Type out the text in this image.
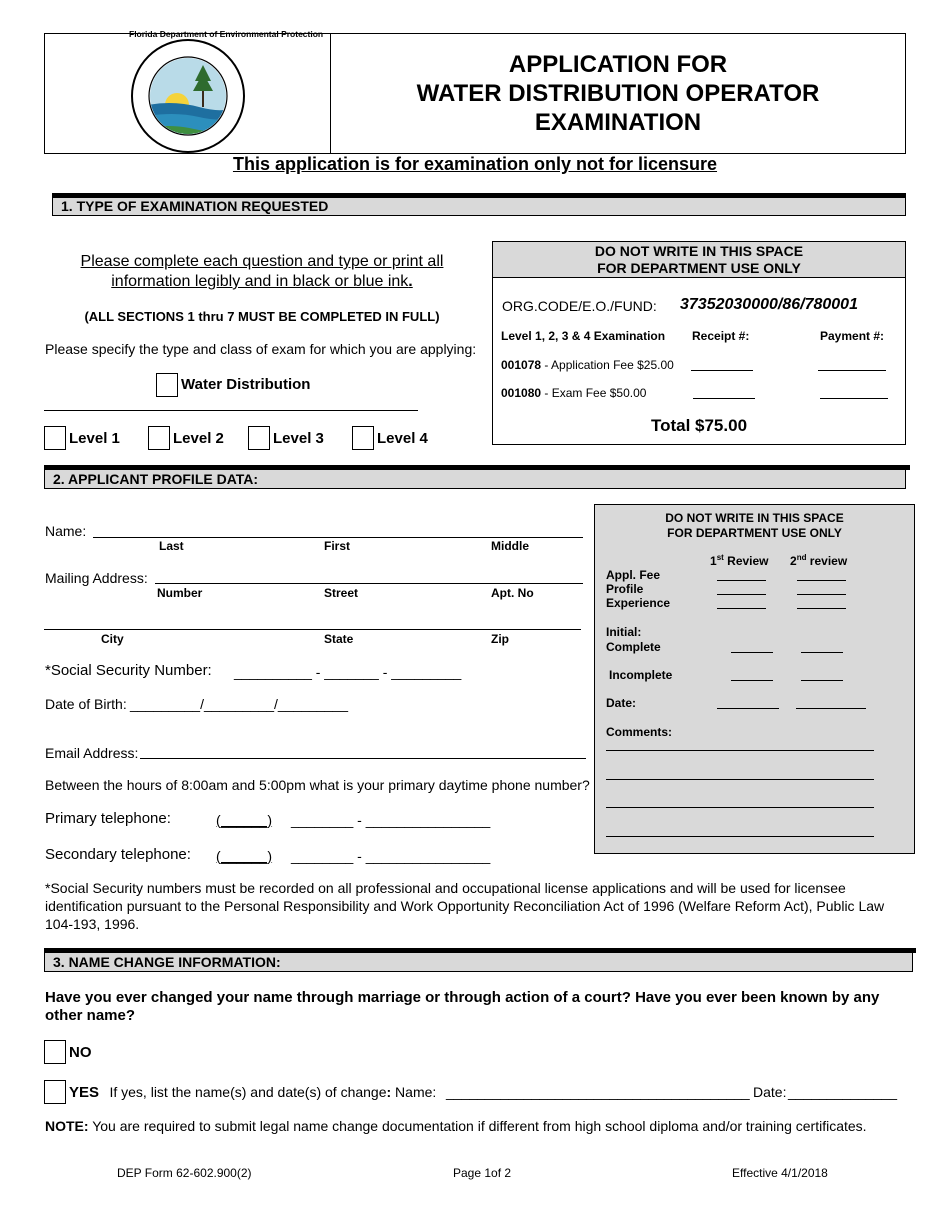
Florida Department of Environmental Protection
APPLICATION FOR
WATER DISTRIBUTION OPERATOR
EXAMINATION
This application is for examination only not for licensure
1. TYPE OF EXAMINATION REQUESTED
Please complete each question and type or print all
information legibly and in black or blue ink.
(ALL SECTIONS 1 thru 7 MUST BE COMPLETED IN FULL)
Please specify the type and class of exam for which you are applying:
Water Distribution
Level 1	Level 2	Level 3	Level 4
DO NOT WRITE IN THIS SPACE
FOR DEPARTMENT USE ONLY
ORG.CODE/E.O./FUND: 37352030000/86/780001
Level 1, 2, 3 & 4 Examination Receipt #:	Payment #:
001078 - Application Fee $25.00
001080 - Exam Fee $50.00
Total $75.00
2. APPLICANT PROFILE DATA:
Name:
Last	First	Middle
Mailing Address:
Number	Street	Apt. No
City	State	Zip
*Social Security Number: __________ - _______ - _________
Date of Birth: _________/_________/_________
Email Address:
Between the hours of 8:00am and 5:00pm what is your primary daytime phone number?
Primary telephone:	(______) ________ - ________________
Secondary telephone: (______) ________ - ________________
*Social Security numbers must be recorded on all professional and occupational license applications and will be used for licensee identification pursuant to the Personal Responsibility and Work Opportunity Reconciliation Act of 1996 (Welfare Reform Act), Public Law 104-193, 1996.
DO NOT WRITE IN THIS SPACE
FOR DEPARTMENT USE ONLY
1st Review 2nd review
Appl. Fee
Profile
Experience
Initial:
Complete
Incomplete
Date:
Comments:
3. NAME CHANGE INFORMATION:
Have you ever changed your name through marriage or through action of a court? Have you ever been known by any other name?
NO
YES If yes, list the name(s) and date(s) of change: Name: _______________________________________ Date: ______________
NOTE: You are required to submit legal name change documentation if different from high school diploma and/or training certificates.
DEP Form 62-602.900(2)	Page 1of 2	Effective 4/1/2018
